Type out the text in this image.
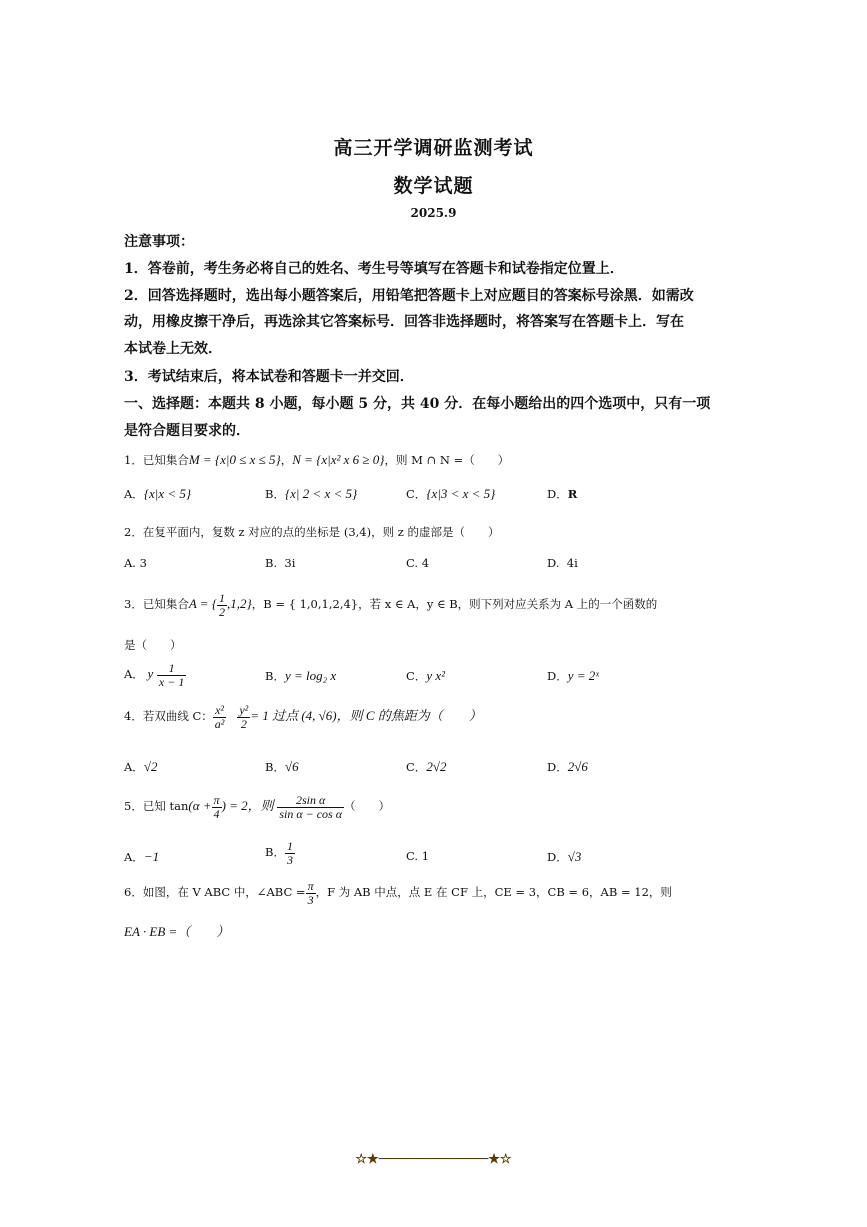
高三开学调研监测考试
数学试题
2025.9
注意事项：
1．答卷前，考生务必将自己的姓名、考生号等填写在答题卡和试卷指定位置上．
2．回答选择题时，选出每小题答案后，用铅笔把答题卡上对应题目的答案标号涂黑．如需改
动，用橡皮擦干净后，再选涂其它答案标号．回答非选择题时，将答案写在答题卡上．写在
本试卷上无效．
3．考试结束后，将本试卷和答题卡一并交回．
一、选择题：本题共 8 小题，每小题 5 分，共 40 分．在每小题给出的四个选项中，只有一项
是符合题目要求的．
1．已知集合M = {x|0 ≤ x ≤ 5}，N = {x|x² x 6 ≥ 0}，则 M ∩ N =（　　）
A．{x|x < 5}	B．{x| 2 < x < 5}	C．{x|3 < x < 5}	D．R
2．在复平面内，复数 z 对应的点的坐标是 (3,4)，则 z 的虚部是（　　）
A. 3	B. 3i	C. 4	D. 4i
3．已知集合A = { $\frac{1}{2} ,1,2$}，B = { 1,0,1,2,4}，若 x ∈ A，y ∈ B，则下列对应关系为 A 上的一个函数的
是（　　）
A． y $\frac{1}{x - 1}$	B．y = log₂ x	C．y x²	D．y = 2ˣ
4．若双曲线 C： $\frac{\text{x²}}{\text{a²}}$
$\frac{\text{y²}}{2} = 1$ 过点 (4, √6)，则 C 的焦距为（　　）
A．√2	B．√6	C．2√2	D．2√6
5．已知 $\tan(\alpha + \frac{\pi}{4}$ ) = 2，则 $\frac{\text{2sin α}}{\text{sin α − cos α}}$ （　　）
A．−1	B． $\frac{1}{3}$	C. 1	D．√3
6．如图，在 V ABC 中，∠ABC = $\frac{\pi}{3}$ ，F 为 AB 中点，点 E 在 CF 上，CE = 3，CB = 6，AB = 12，则
EA · EB =（　　）
☆★──────────────★☆
